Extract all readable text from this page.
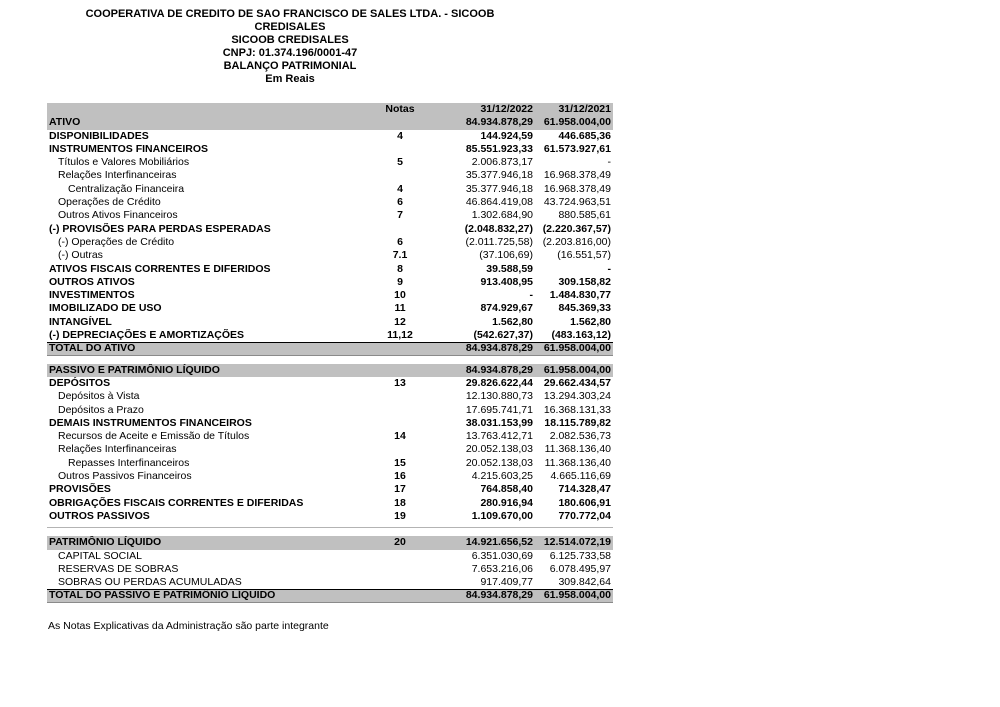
COOPERATIVA DE CREDITO DE SAO FRANCISCO DE SALES LTDA. - SICOOB
CREDISALES
SICOOB CREDISALES
CNPJ: 01.374.196/0001-47
BALANÇO PATRIMONIAL
Em Reais
Notas	31/12/2022	31/12/2021
ATIVO	84.934.878,29	61.958.004,00
DISPONIBILIDADES	4	144.924,59	446.685,36
INSTRUMENTOS FINANCEIROS	85.551.923,33	61.573.927,61
Títulos e Valores Mobiliários	5	2.006.873,17	-
Relações Interfinanceiras	35.377.946,18	16.968.378,49
Centralização Financeira	4	35.377.946,18	16.968.378,49
Operações de Crédito	6	46.864.419,08	43.724.963,51
Outros Ativos Financeiros	7	1.302.684,90	880.585,61
(-) PROVISÕES PARA PERDAS ESPERADAS	(2.048.832,27) (2.220.367,57)
(-) Operações de Crédito	6	(2.011.725,58) (2.203.816,00)
(-) Outras	7.1	(37.106,69)	(16.551,57)
ATIVOS FISCAIS CORRENTES E DIFERIDOS	8	39.588,59	-
OUTROS ATIVOS	9	913.408,95	309.158,82
INVESTIMENTOS	10	-	1.484.830,77
IMOBILIZADO DE USO	11	874.929,67	845.369,33
INTANGÍVEL	12	1.562,80	1.562,80
(-) DEPRECIAÇÕES E AMORTIZAÇÕES	11,12	(542.627,37)	(483.163,12)
TOTAL DO ATIVO	84.934.878,29	61.958.004,00
PASSIVO E PATRIMÔNIO LÍQUIDO	84.934.878,29	61.958.004,00
DEPÓSITOS	13	29.826.622,44	29.662.434,57
Depósitos à Vista	12.130.880,73	13.294.303,24
Depósitos a Prazo	17.695.741,71	16.368.131,33
DEMAIS INSTRUMENTOS FINANCEIROS	38.031.153,99	18.115.789,82
Recursos de Aceite e Emissão de Títulos	14	13.763.412,71	2.082.536,73
Relações Interfinanceiras	20.052.138,03	11.368.136,40
Repasses Interfinanceiros	15	20.052.138,03	11.368.136,40
Outros Passivos Financeiros	16	4.215.603,25	4.665.116,69
PROVISÕES	17	764.858,40	714.328,47
OBRIGAÇÕES FISCAIS CORRENTES E DIFERIDAS	18	280.916,94	180.606,91
OUTROS PASSIVOS	19	1.109.670,00	770.772,04
PATRIMÔNIO LÍQUIDO	20	14.921.656,52	12.514.072,19
CAPITAL SOCIAL	6.351.030,69	6.125.733,58
RESERVAS DE SOBRAS	7.653.216,06	6.078.495,97
SOBRAS OU PERDAS ACUMULADAS	917.409,77	309.842,64
TOTAL DO PASSIVO E PATRIMÔNIO LÍQUIDO	84.934.878,29	61.958.004,00
As Notas Explicativas da Administração são parte integrante
